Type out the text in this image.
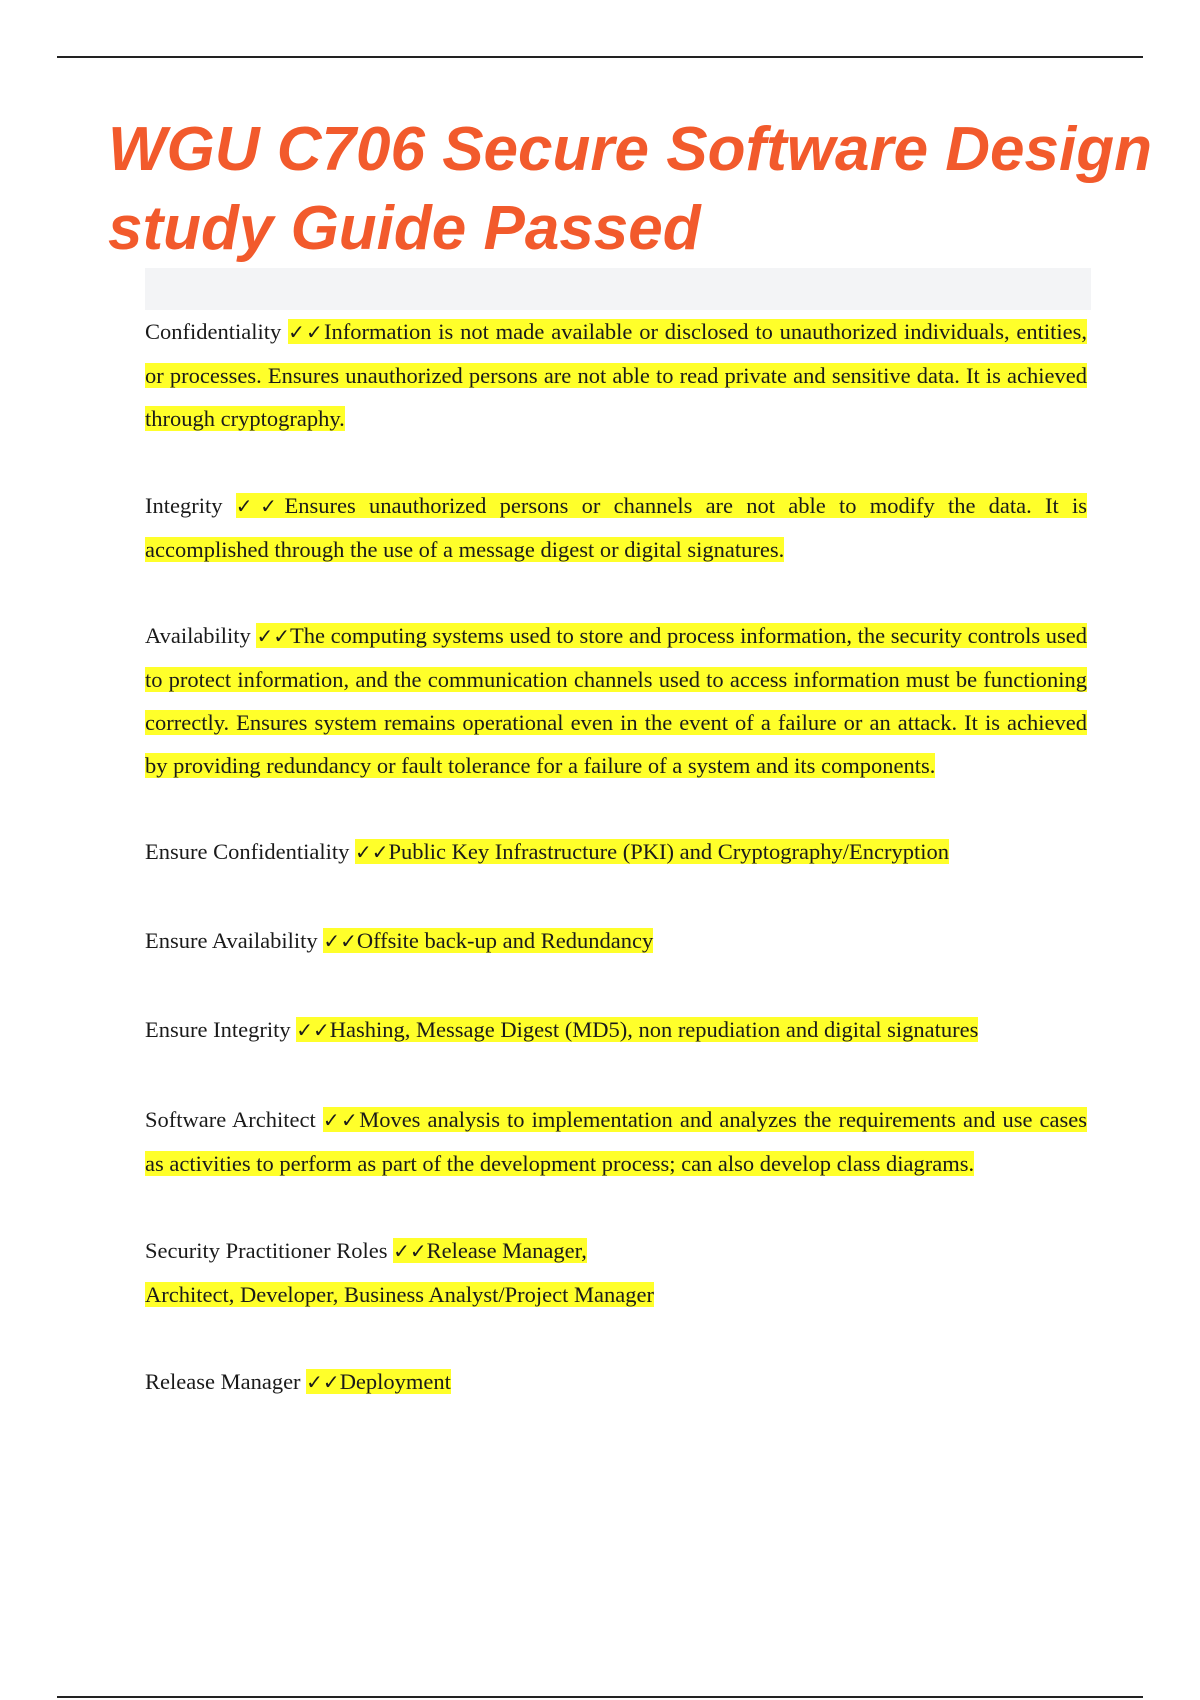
WGU C706 Secure Software Design
study Guide Passed

Confidentiality ✓✓Information is not made available or disclosed to unauthorized individuals, entities, or processes. Ensures unauthorized persons are not able to read private and sensitive data. It is achieved through cryptography.

Integrity ✓✓Ensures unauthorized persons or channels are not able to modify the data. It is accomplished through the use of a message digest or digital signatures.

Availability ✓✓The computing systems used to store and process information, the security controls used to protect information, and the communication channels used to access information must be functioning correctly. Ensures system remains operational even in the event of a failure or an attack. It is achieved by providing redundancy or fault tolerance for a failure of a system and its components.

Ensure Confidentiality ✓✓Public Key Infrastructure (PKI) and Cryptography/Encryption

Ensure Availability ✓✓Offsite back-up and Redundancy

Ensure Integrity ✓✓Hashing, Message Digest (MD5), non repudiation and digital signatures

Software Architect ✓✓Moves analysis to implementation and analyzes the requirements and use cases as activities to perform as part of the development process; can also develop class diagrams.

Security Practitioner Roles ✓✓Release Manager,
Architect, Developer, Business Analyst/Project Manager

Release Manager ✓✓Deployment
